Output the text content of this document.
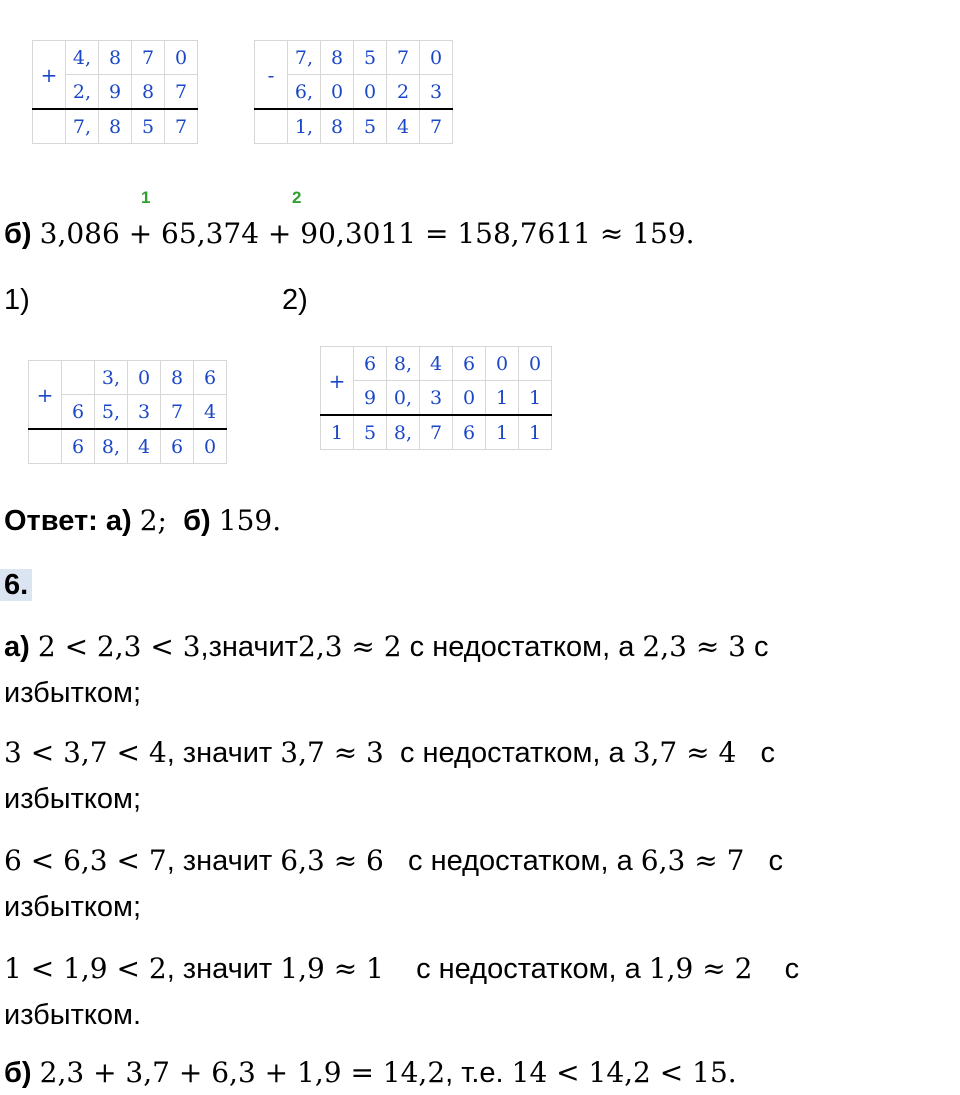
+	4,	8	7	0
	2,	9	8	7
	7,	8	5	7
-	7,	8	5	7	0
	6,	0	0	2	3
	1,	8	5	4	7
1	2
б) 3,086 + 65,374 + 90,3011 = 158,7611 ≈ 159.
1)	2)
+		3,	0	8	6
	6	5,	3	7	4
	6	8,	4	6	0
+	6	8,	4	6	0	0
	9	0,	3	0	1	1
1	5	8,	7	6	1	1
Ответ: а) 2; б) 159.
6.
а) 2 < 2,3 < 3,значит2,3 ≈ 2 с недостатком, а 2,3 ≈ 3 с
избытком;
3 < 3,7 < 4, значит 3,7 ≈ 3  с недостатком, а 3,7 ≈ 4   с
избытком;
6 < 6,3 < 7, значит 6,3 ≈ 6   с недостатком, а 6,3 ≈ 7   с
избытком;
1 < 1,9 < 2, значит 1,9 ≈ 1    с недостатком, а 1,9 ≈ 2    с
избытком.
б) 2,3 + 3,7 + 6,3 + 1,9 = 14,2, т.е. 14 < 14,2 < 15.
